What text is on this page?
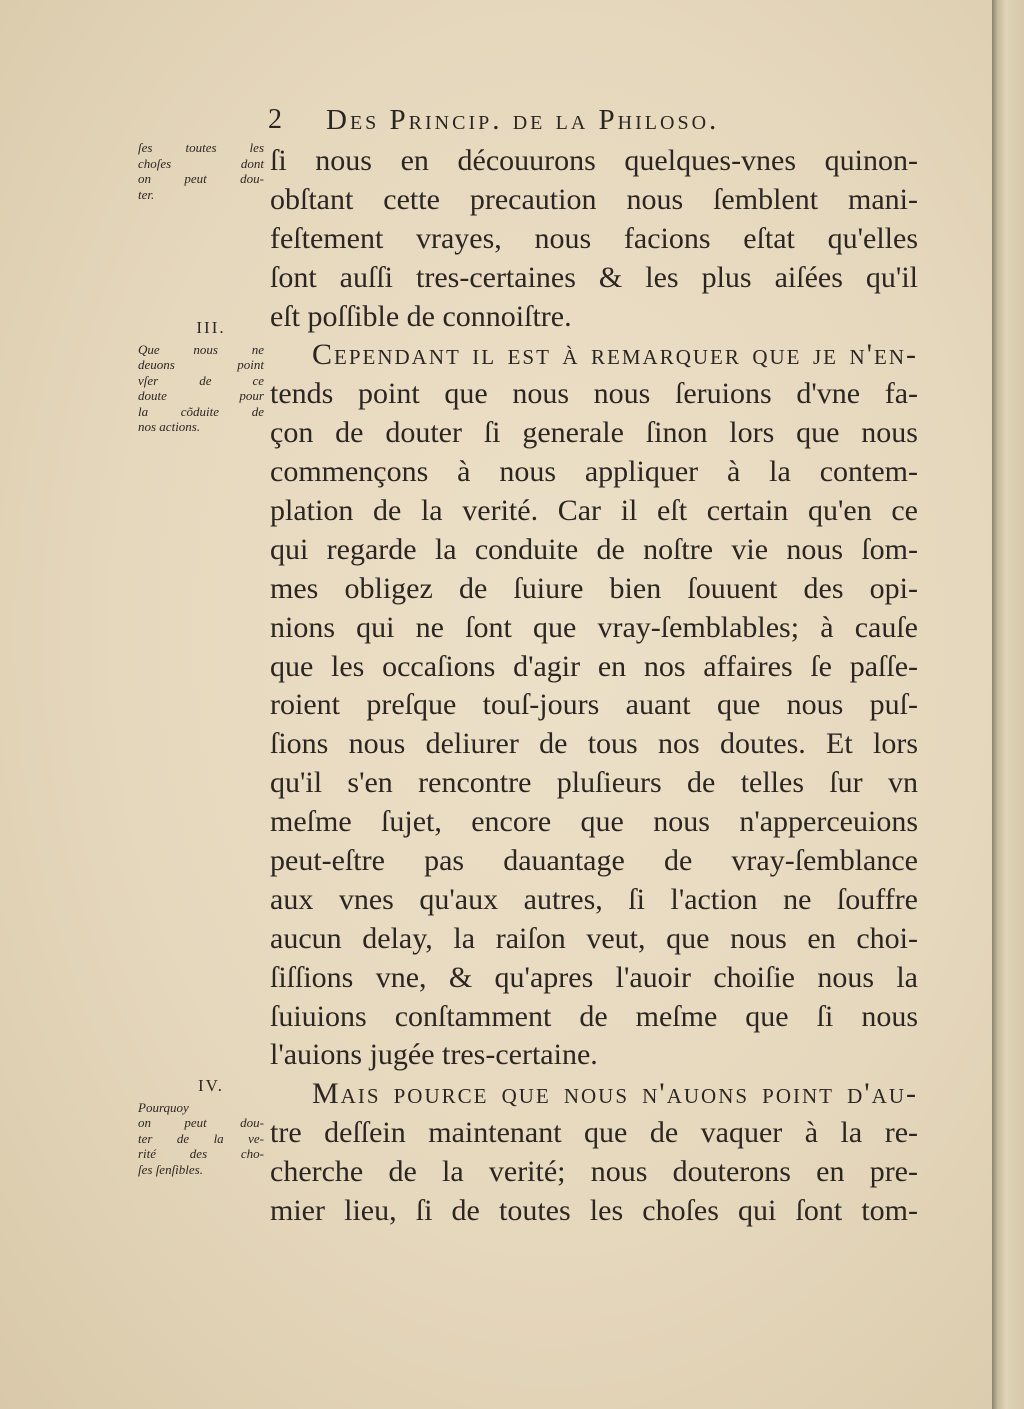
2 Des Princip. de la Philoso.
ſes toutes les
choſes dont
on peut dou-
ter.
III.
Que nous ne
deuons point
vſer de ce
doute pour
la cõduite de
nos actions.
IV.
Pourquoy
on peut dou-
ter de la ve-
rité des cho-
ſes ſenſibles.
ſi nous en découurons quelques-vnes quinon-
obſtant cette precaution nous ſemblent mani-
feſtement vrayes, nous facions eſtat qu'elles
ſont auſſi tres-certaines & les plus aiſées qu'il
eſt poſſible de connoiſtre.
Cependant il eſt à remarquer que je n'en-
tends point que nous nous ſeruions d'vne fa-
çon de douter ſi generale ſinon lors que nous
commençons à nous appliquer à la contem-
plation de la verité. Car il eſt certain qu'en ce
qui regarde la conduite de noſtre vie nous ſom-
mes obligez de ſuiure bien ſouuent des opi-
nions qui ne ſont que vray-ſemblables; à cauſe
que les occaſions d'agir en nos affaires ſe paſſe-
roient preſque touſ-jours auant que nous puſ-
ſions nous deliurer de tous nos doutes. Et lors
qu'il s'en rencontre pluſieurs de telles ſur vn
meſme ſujet, encore que nous n'apperceuions
peut-eſtre pas dauantage de vray-ſemblance
aux vnes qu'aux autres, ſi l'action ne ſouffre
aucun delay, la raiſon veut, que nous en choi-
ſiſſions vne, & qu'apres l'auoir choiſie nous la
ſuiuions conſtamment de meſme que ſi nous
l'auions jugée tres-certaine.
Mais pource que nous n'auons point d'au-
tre deſſein maintenant que de vaquer à la re-
cherche de la verité; nous douterons en pre-
mier lieu, ſi de toutes les choſes qui ſont tom-
